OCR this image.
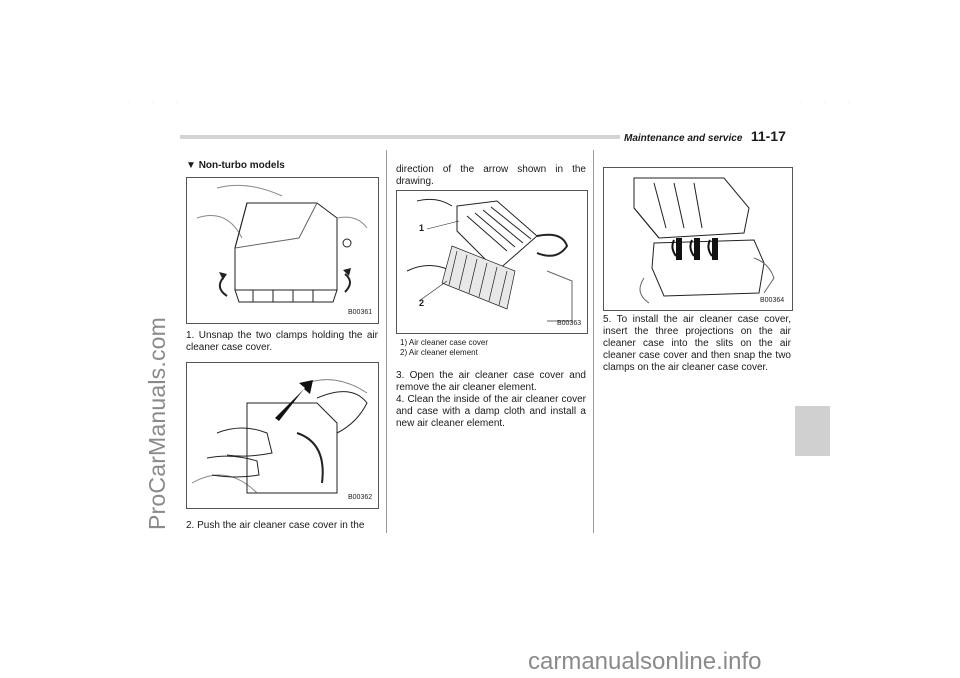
· · ·	· · ·
ProCarManuals.com
carmanualsonline.info
Maintenance and service 11-17
▼ Non-turbo models
B00361
1. Unsnap the two clamps holding the air cleaner case cover.
B00362
2. Push the air cleaner case cover in the
direction of the arrow shown in the drawing.
1
2
B00363
1) Air cleaner case cover
2) Air cleaner element
3. Open the air cleaner case cover and remove the air cleaner element.
4. Clean the inside of the air cleaner cover and case with a damp cloth and install a new air cleaner element.
B00364
5. To install the air cleaner case cover, insert the three projections on the air cleaner case into the slits on the air cleaner case cover and then snap the two clamps on the air cleaner case cover.
